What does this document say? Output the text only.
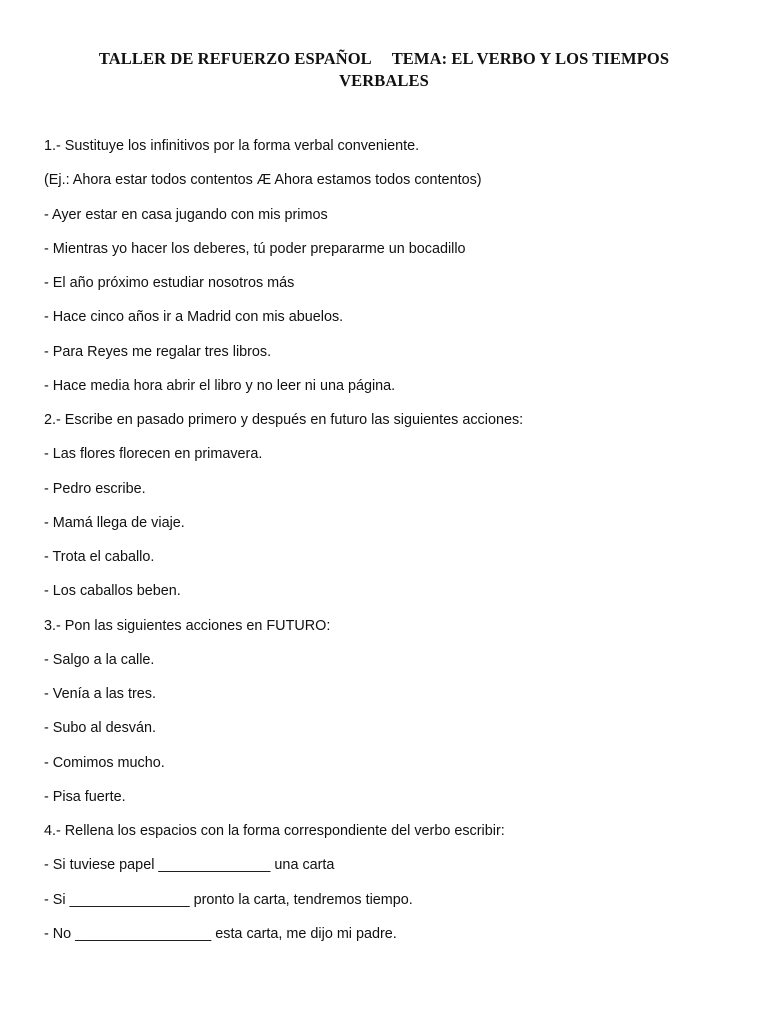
TALLER DE REFUERZO ESPAÑOL     TEMA: EL VERBO Y LOS TIEMPOS
VERBALES
1.- Sustituye los infinitivos por la forma verbal conveniente.
(Ej.: Ahora estar todos contentos Æ Ahora estamos todos contentos)
- Ayer estar en casa jugando con mis primos
- Mientras yo hacer los deberes, tú poder prepararme un bocadillo
- El año próximo estudiar nosotros más
- Hace cinco años ir a Madrid con mis abuelos.
- Para Reyes me regalar tres libros.
- Hace media hora abrir el libro y no leer ni una página.
2.- Escribe en pasado primero y después en futuro las siguientes acciones:
- Las flores florecen en primavera.
- Pedro escribe.
- Mamá llega de viaje.
- Trota el caballo.
- Los caballos beben.
3.- Pon las siguientes acciones en FUTURO:
- Salgo a la calle.
- Venía a las tres.
- Subo al desván.
- Comimos mucho.
- Pisa fuerte.
4.- Rellena los espacios con la forma correspondiente del verbo escribir:
- Si tuviese papel ______________ una carta
- Si _______________ pronto la carta, tendremos tiempo.
- No _________________ esta carta, me dijo mi padre.
